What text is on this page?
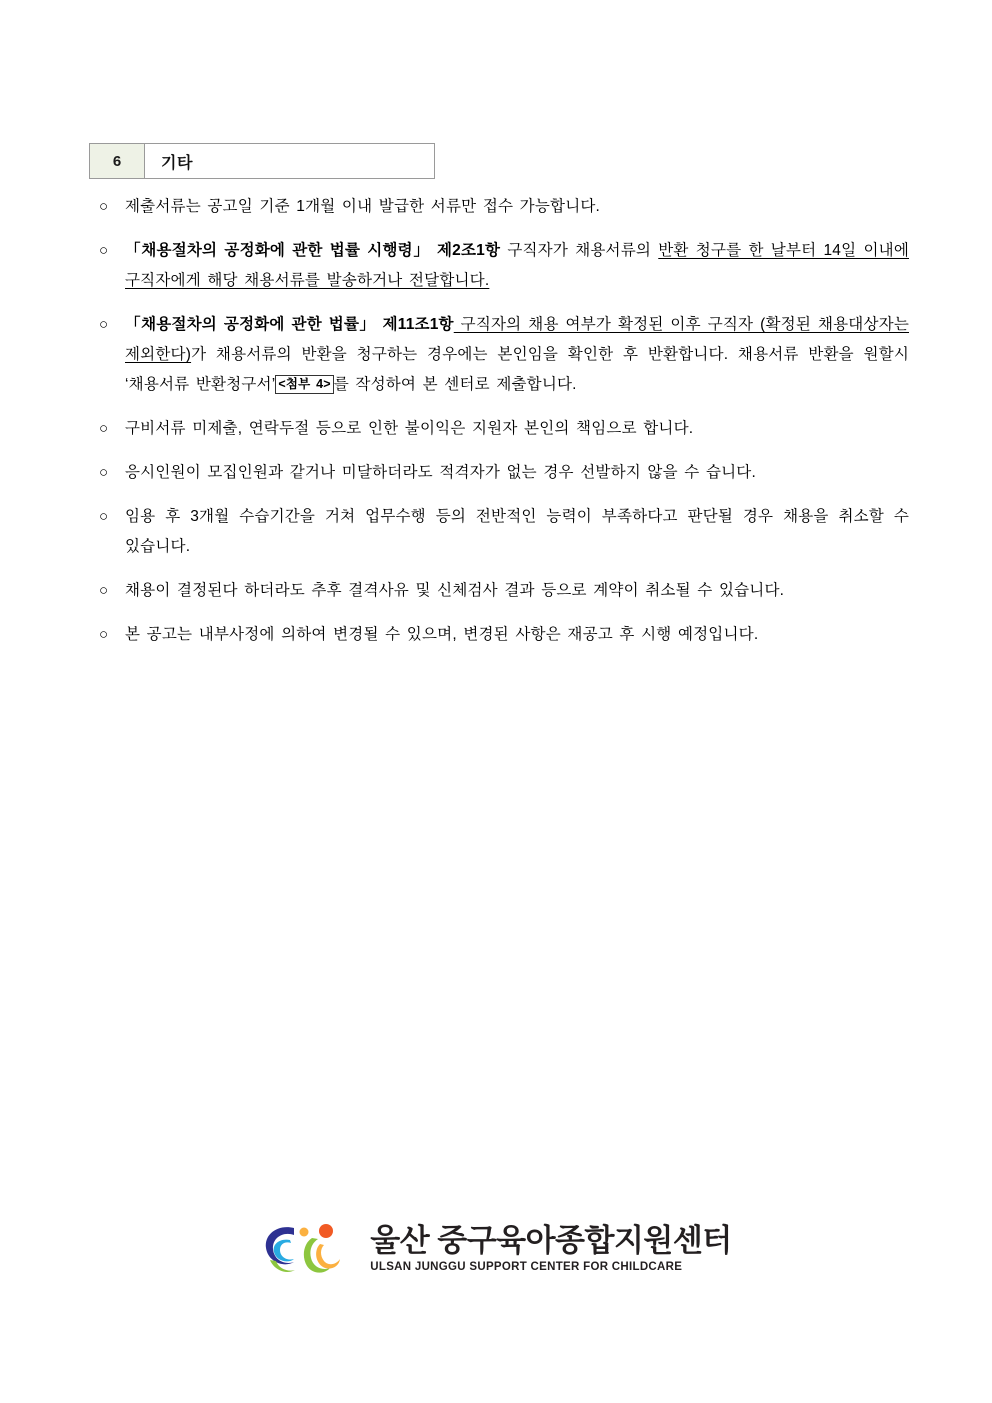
6	기타
○	제출서류는 공고일 기준 1개월 이내 발급한 서류만 접수 가능합니다.
○	「채용절차의 공정화에 관한 법률 시행령」 제2조1항 구직자가 채용서류의 반환 청구를 한 날부터 14일 이내에 구직자에게 해당 채용서류를 발송하거나 전달합니다.
○	「채용절차의 공정화에 관한 법률」 제11조1항 구직자의 채용 여부가 확정된 이후 구직자 (확정된 채용대상자는 제외한다)가 채용서류의 반환을 청구하는 경우에는 본인임을 확인한 후 반환합니다. 채용서류 반환을 원할시 ‘채용서류 반환청구서’ <첨부 4> 를 작성하여 본 센터로 제출합니다.
○	구비서류 미제출, 연락두절 등으로 인한 불이익은 지원자 본인의 책임으로 합니다.
○	응시인원이 모집인원과 같거나 미달하더라도 적격자가 없는 경우 선발하지 않을 수 습니다.
○	임용 후 3개월 수습기간을 거쳐 업무수행 등의 전반적인 능력이 부족하다고 판단될 경우 채용을 취소할 수 있습니다.
○	채용이 결정된다 하더라도 추후 결격사유 및 신체검사 결과 등으로 계약이 취소될 수 있습니다.
○	본 공고는 내부사정에 의하여 변경될 수 있으며, 변경된 사항은 재공고 후 시행 예정입니다.
울산 중구육아종합지원센터
ULSAN JUNGGU SUPPORT CENTER FOR CHILDCARE
